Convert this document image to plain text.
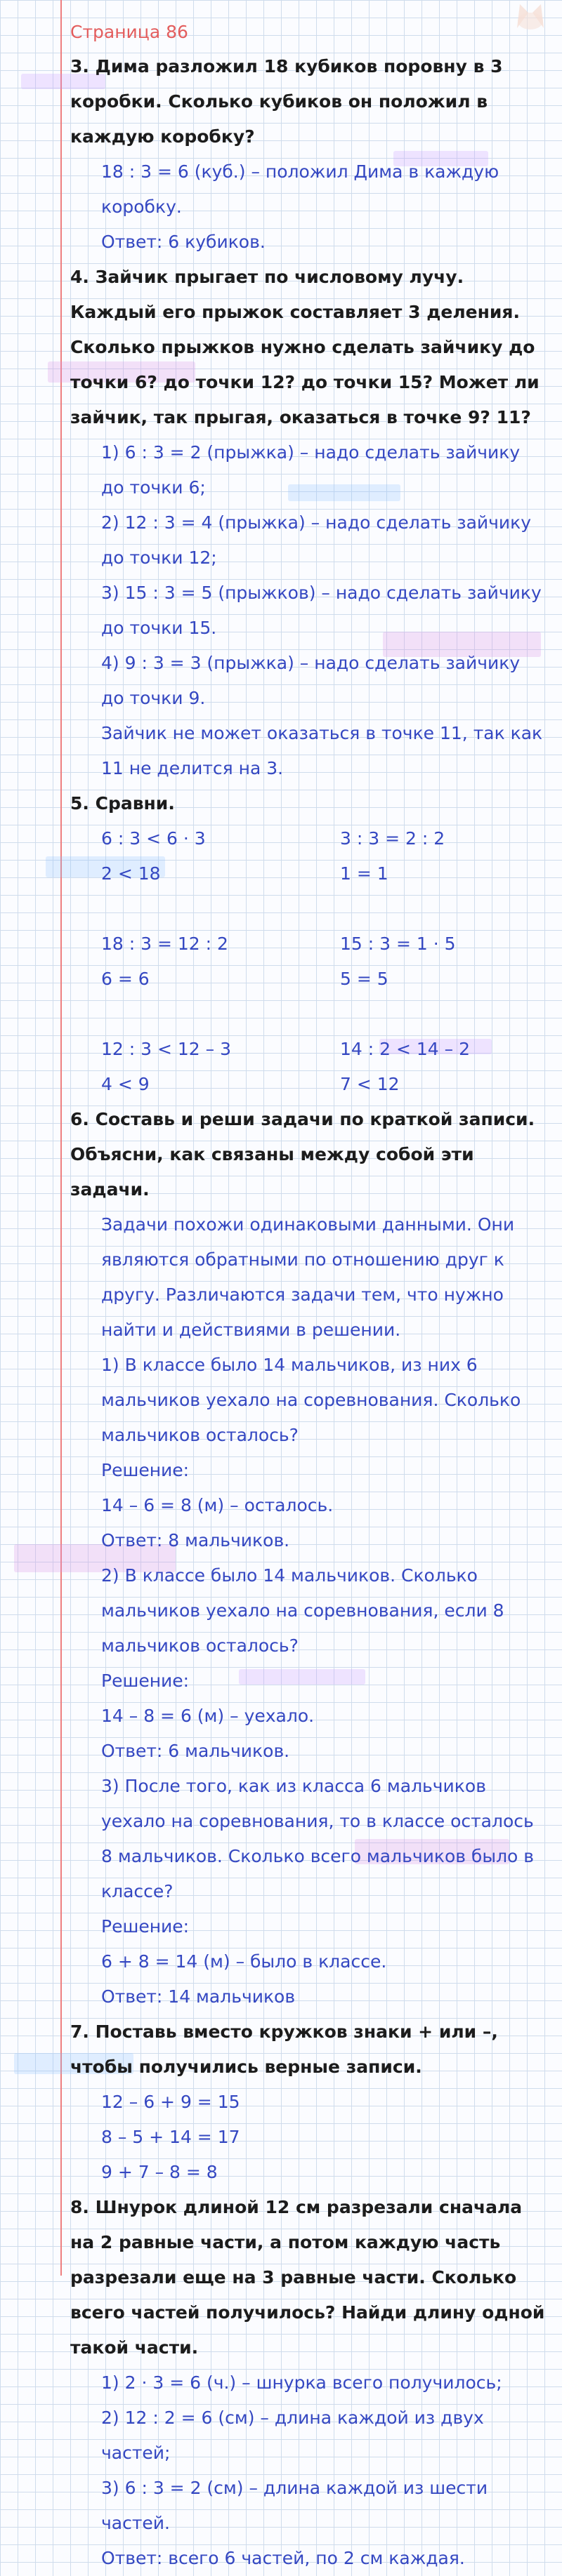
Страница 86
3. Дима разложил 18 кубиков поровну в 3 коробки. Сколько кубиков он положил в каждую коробку?
18 : 3 = 6 (куб.) – положил Дима в каждую коробку.
Ответ: 6 кубиков.
4. Зайчик прыгает по числовому лучу. Каждый его прыжок составляет 3 деления. Сколько прыжков нужно сделать зайчику до точки 6? до точки 12? до точки 15? Может ли зайчик, так прыгая, оказаться в точке 9? 11?
1) 6 : 3 = 2 (прыжка) – надо сделать зайчику до точки 6;
2) 12 : 3 = 4 (прыжка) – надо сделать зайчику до точки 12;
3) 15 : 3 = 5 (прыжков) – надо сделать зайчику до точки 15.
4) 9 : 3 = 3 (прыжка) – надо сделать зайчику до точки 9.
Зайчик не может оказаться в точке 11, так как 11 не делится на 3.
5. Сравни.
6 : 3 < 6 · 3	3 : 3 = 2 : 2
2 < 18	1 = 1
18 : 3 = 12 : 2	15 : 3 = 1 · 5
6 = 6	5 = 5
12 : 3 < 12 – 3	14 : 2 < 14 – 2
4 < 9	7 < 12
6. Составь и реши задачи по краткой записи. Объясни, как связаны между собой эти задачи.
Задачи похожи одинаковыми данными. Они являются обратными по отношению друг к другу. Различаются задачи тем, что нужно найти и действиями в решении.
1) В классе было 14 мальчиков, из них 6 мальчиков уехало на соревнования. Сколько мальчиков осталось?
Решение:
14 – 6 = 8 (м) – осталось.
Ответ: 8 мальчиков.
2) В классе было 14 мальчиков. Сколько мальчиков уехало на соревнования, если 8 мальчиков осталось?
Решение:
14 – 8 = 6 (м) – уехало.
Ответ: 6 мальчиков.
3) После того, как из класса 6 мальчиков уехало на соревнования, то в классе осталось 8 мальчиков. Сколько всего мальчиков было в классе?
Решение:
6 + 8 = 14 (м) – было в классе.
Ответ: 14 мальчиков
7. Поставь вместо кружков знаки + или –, чтобы получились верные записи.
12 – 6 + 9 = 15
8 – 5 + 14 = 17
9 + 7 – 8 = 8
8. Шнурок длиной 12 см разрезали сначала на 2 равные части, а потом каждую часть разрезали еще на 3 равные части. Сколько всего частей получилось? Найди длину одной такой части.
1) 2 · 3 = 6 (ч.) – шнурка всего получилось;
2) 12 : 2 = 6 (см) – длина каждой из двух частей;
3) 6 : 3 = 2 (см) – длина каждой из шести частей.
Ответ: всего 6 частей, по 2 см каждая.
